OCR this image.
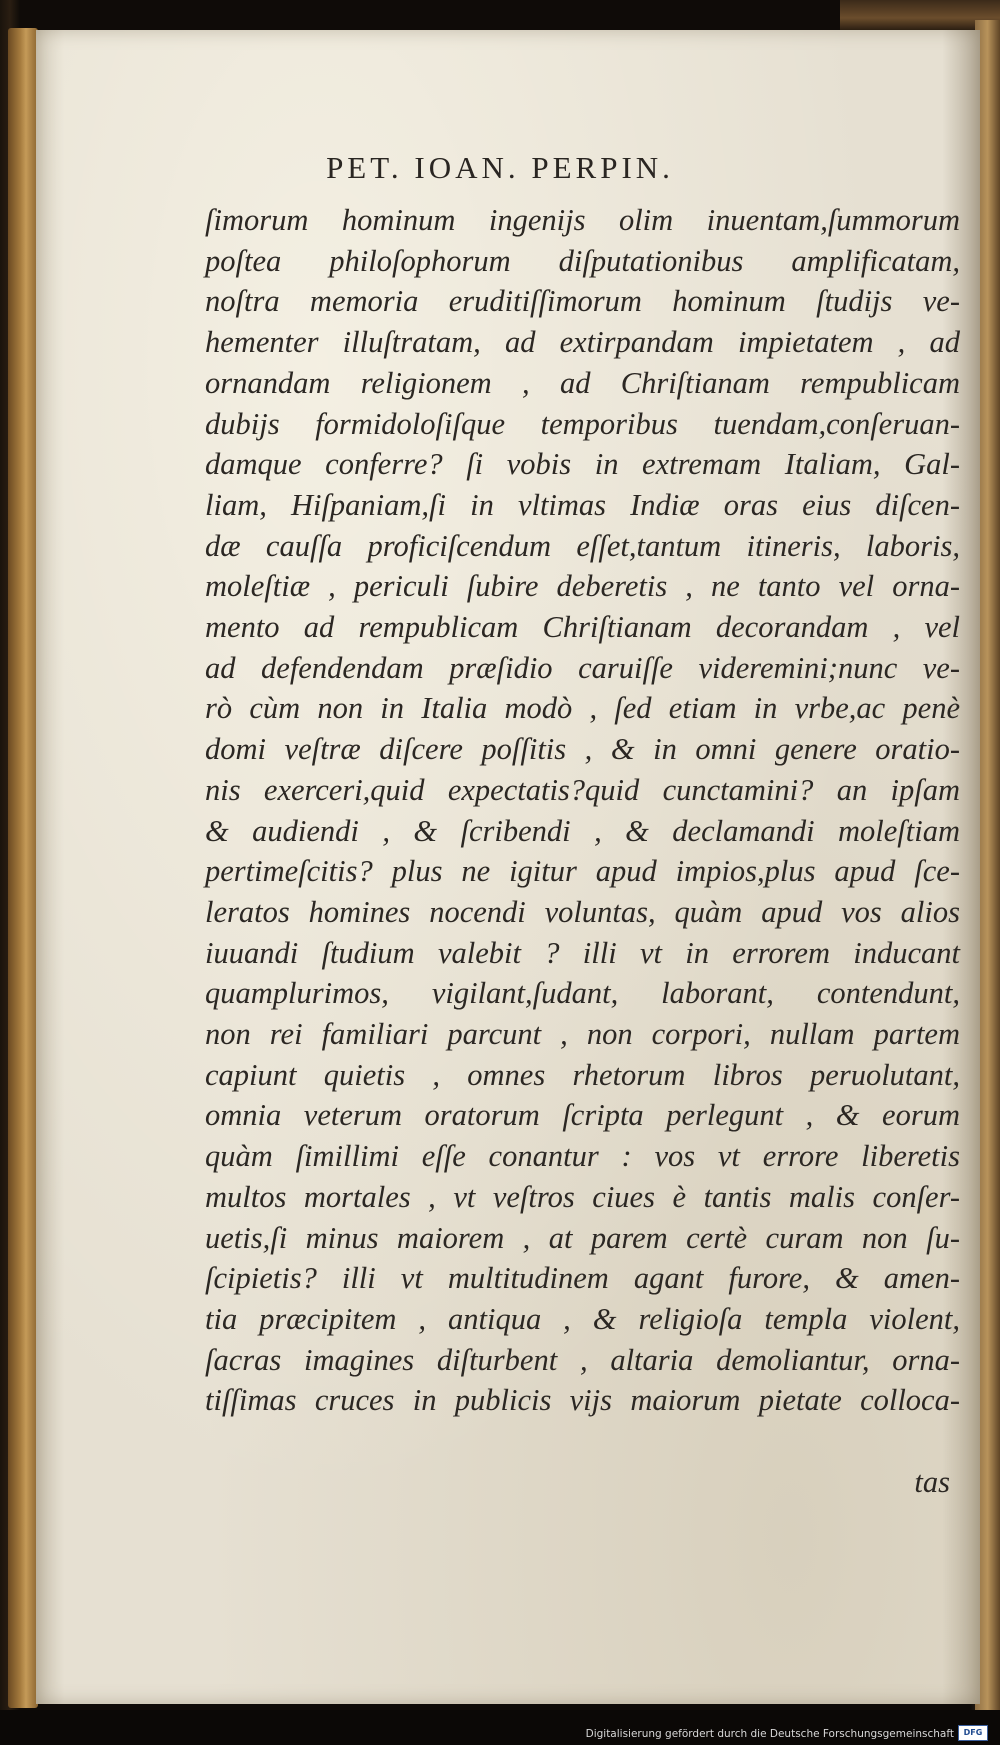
PET. IOAN. PERPIN.
ſimorum hominum ingenijs olim inuentam,ſummorum
poſtea philoſophorum diſputationibus amplificatam,
noſtra memoria eruditiſſimorum hominum ſtudijs ve-
hementer illuſtratam, ad extirpandam impietatem , ad
ornandam religionem , ad Chriſtianam rempublicam
dubijs formidoloſiſque temporibus tuendam,conſeruan-
damque conferre? ſi vobis in extremam Italiam, Gal-
liam, Hiſpaniam,ſi in vltimas Indiæ oras eius diſcen-
dæ cauſſa proficiſcendum eſſet,tantum itineris, laboris,
moleſtiæ , periculi ſubire deberetis , ne tanto vel orna-
mento ad rempublicam Chriſtianam decorandam , vel
ad defendendam præſidio caruiſſe videremini;nunc ve-
rò cùm non in Italia modò , ſed etiam in vrbe,ac penè
domi veſtræ diſcere poſſitis , & in omni genere oratio-
nis exerceri,quid expectatis?quid cunctamini? an ipſam
& audiendi , & ſcribendi , & declamandi moleſtiam
pertimeſcitis? plus ne igitur apud impios,plus apud ſce-
leratos homines nocendi voluntas, quàm apud vos alios
iuuandi ſtudium valebit ? illi vt in errorem inducant
quamplurimos, vigilant,ſudant, laborant, contendunt,
non rei familiari parcunt , non corpori, nullam partem
capiunt quietis , omnes rhetorum libros peruolutant,
omnia veterum oratorum ſcripta perlegunt , & eorum
quàm ſimillimi eſſe conantur : vos vt errore liberetis
multos mortales , vt veſtros ciues è tantis malis conſer-
uetis,ſi minus maiorem , at parem certè curam non ſu-
ſcipietis? illi vt multitudinem agant furore, & amen-
tia præcipitem , antiqua , & religioſa templa violent,
ſacras imagines diſturbent , altaria demoliantur, orna-
tiſſimas cruces in publicis vijs maiorum pietate colloca-
tas
Digitalisierung gefördert durch die Deutsche Forschungsgemeinschaft	DFG
